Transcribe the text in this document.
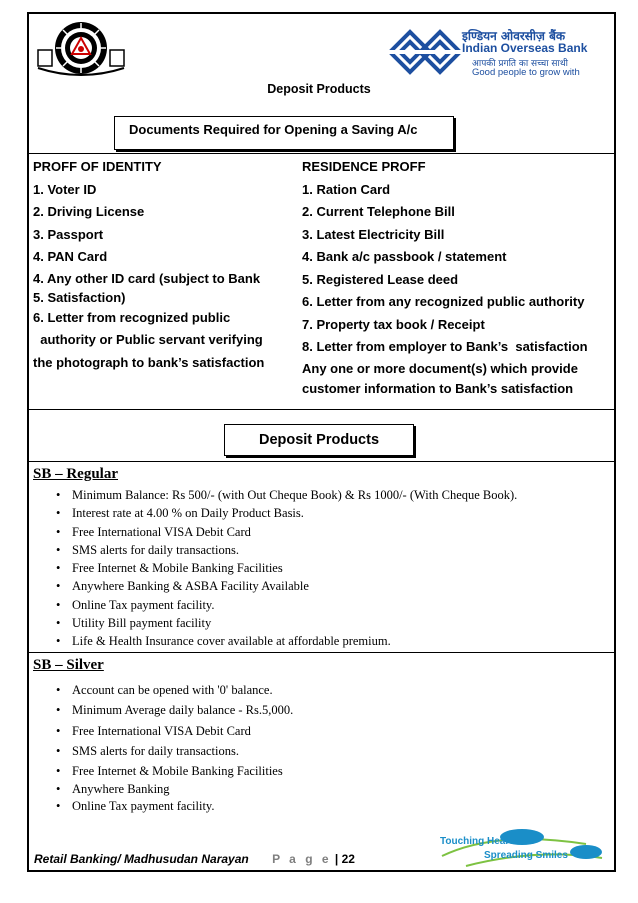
इण्डियन ओवरसीज़ बैंक
Indian Overseas Bank
आपकी प्रगति का सच्चा साथी
Good people to grow with
Deposit Products
Documents Required for Opening a Saving A/c
PROFF OF IDENTITY
1. Voter ID
2. Driving License
3. Passport
4. PAN Card
4. Any other ID card (subject to Bank
5. Satisfaction)
6. Letter from recognized public
authority or Public servant verifying
the photograph to bank’s satisfaction
RESIDENCE PROFF
1. Ration Card
2. Current Telephone Bill
3. Latest Electricity Bill
4. Bank a/c passbook / statement
5. Registered Lease deed
6. Letter from any recognized public authority
7. Property tax book / Receipt
8. Letter from employer to Bank’s  satisfaction
Any one or more document(s) which provide
customer information to Bank’s satisfaction
Deposit Products
SB – Regular
• Minimum Balance: Rs 500/- (with Out Cheque Book) & Rs 1000/- (With Cheque Book).
• Interest rate at 4.00 % on Daily Product Basis.
• Free International VISA Debit Card
• SMS alerts for daily transactions.
• Free Internet & Mobile Banking Facilities
• Anywhere Banking & ASBA Facility Available
• Online Tax payment facility.
• Utility Bill payment facility
• Life & Health Insurance cover available at affordable premium.
SB – Silver
• Account can be opened with '0' balance.
• Minimum Average daily balance - Rs.5,000.
• Free International VISA Debit Card
• SMS alerts for daily transactions.
• Free Internet & Mobile Banking Facilities
• Anywhere Banking
• Online Tax payment facility.
Touching Hearts
Spreading Smiles
Retail Banking/ Madhusudan Narayan P a g e | 22
